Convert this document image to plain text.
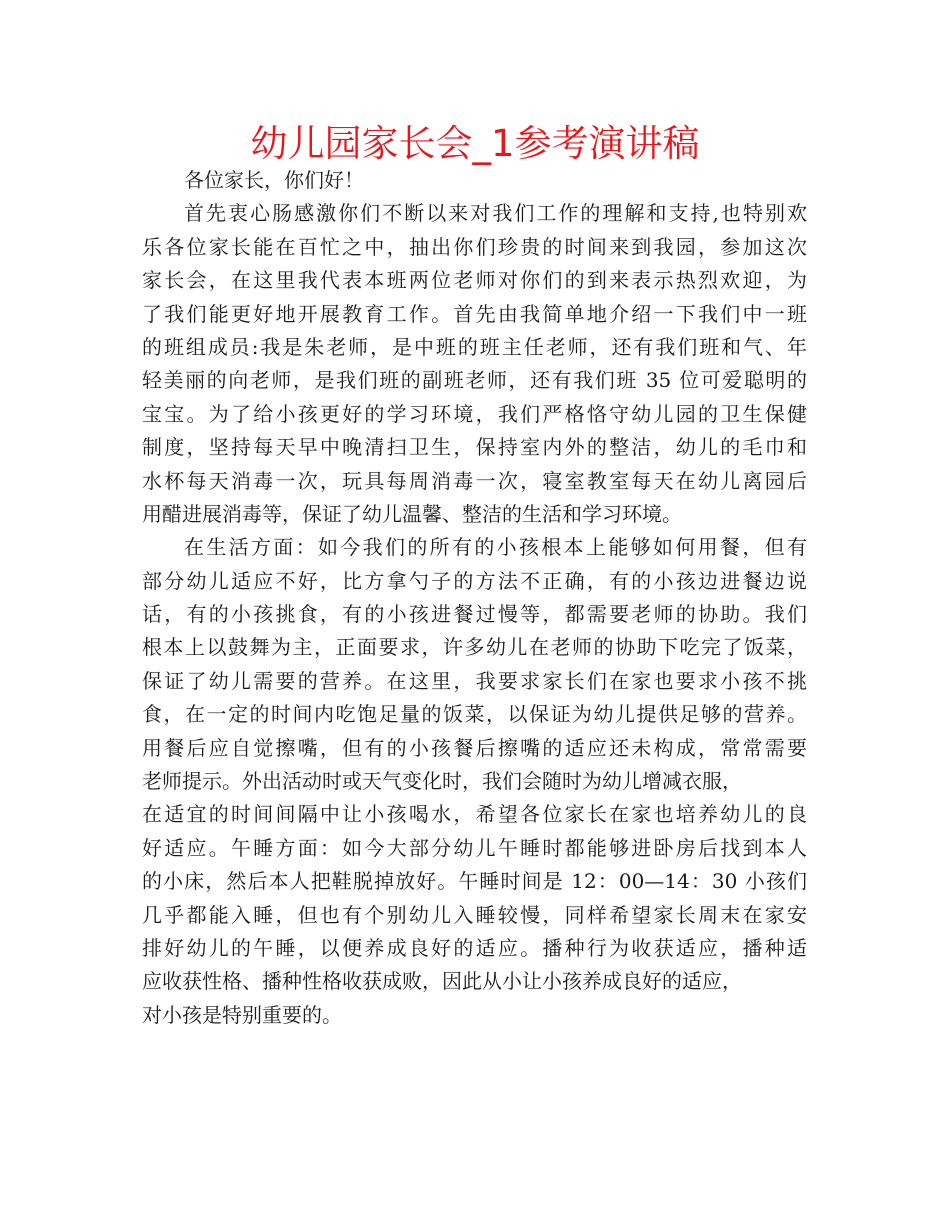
幼儿园家长会_1参考演讲稿
各位家长，你们好！
首先衷心肠感激你们不断以来对我们工作的理解和支持,也特别欢
乐各位家长能在百忙之中，抽出你们珍贵的时间来到我园，参加这次
家长会，在这里我代表本班两位老师对你们的到来表示热烈欢迎，为
了我们能更好地开展教育工作。首先由我简单地介绍一下我们中一班
的班组成员:我是朱老师，是中班的班主任老师，还有我们班和气、年
轻美丽的向老师，是我们班的副班老师，还有我们班 35 位可爱聪明的
宝宝。为了给小孩更好的学习环境，我们严格恪守幼儿园的卫生保健
制度，坚持每天早中晚清扫卫生，保持室内外的整洁，幼儿的毛巾和
水杯每天消毒一次，玩具每周消毒一次，寝室教室每天在幼儿离园后
用醋进展消毒等，保证了幼儿温馨、整洁的生活和学习环境。
在生活方面：如今我们的所有的小孩根本上能够如何用餐，但有
部分幼儿适应不好，比方拿勺子的方法不正确，有的小孩边进餐边说
话，有的小孩挑食，有的小孩进餐过慢等，都需要老师的协助。我们
根本上以鼓舞为主，正面要求，许多幼儿在老师的协助下吃完了饭菜，
保证了幼儿需要的营养。在这里，我要求家长们在家也要求小孩不挑
食，在一定的时间内吃饱足量的饭菜，以保证为幼儿提供足够的营养。
用餐后应自觉擦嘴，但有的小孩餐后擦嘴的适应还未构成，常常需要
老师提示。外出活动时或天气变化时，我们会随时为幼儿增减衣服，
在适宜的时间间隔中让小孩喝水，希望各位家长在家也培养幼儿的良
好适应。午睡方面：如今大部分幼儿午睡时都能够进卧房后找到本人
的小床，然后本人把鞋脱掉放好。午睡时间是 12：00—14：30 小孩们
几乎都能入睡，但也有个别幼儿入睡较慢，同样希望家长周末在家安
排好幼儿的午睡，以便养成良好的适应。播种行为收获适应，播种适
应收获性格、播种性格收获成败，因此从小让小孩养成良好的适应，
对小孩是特别重要的。
